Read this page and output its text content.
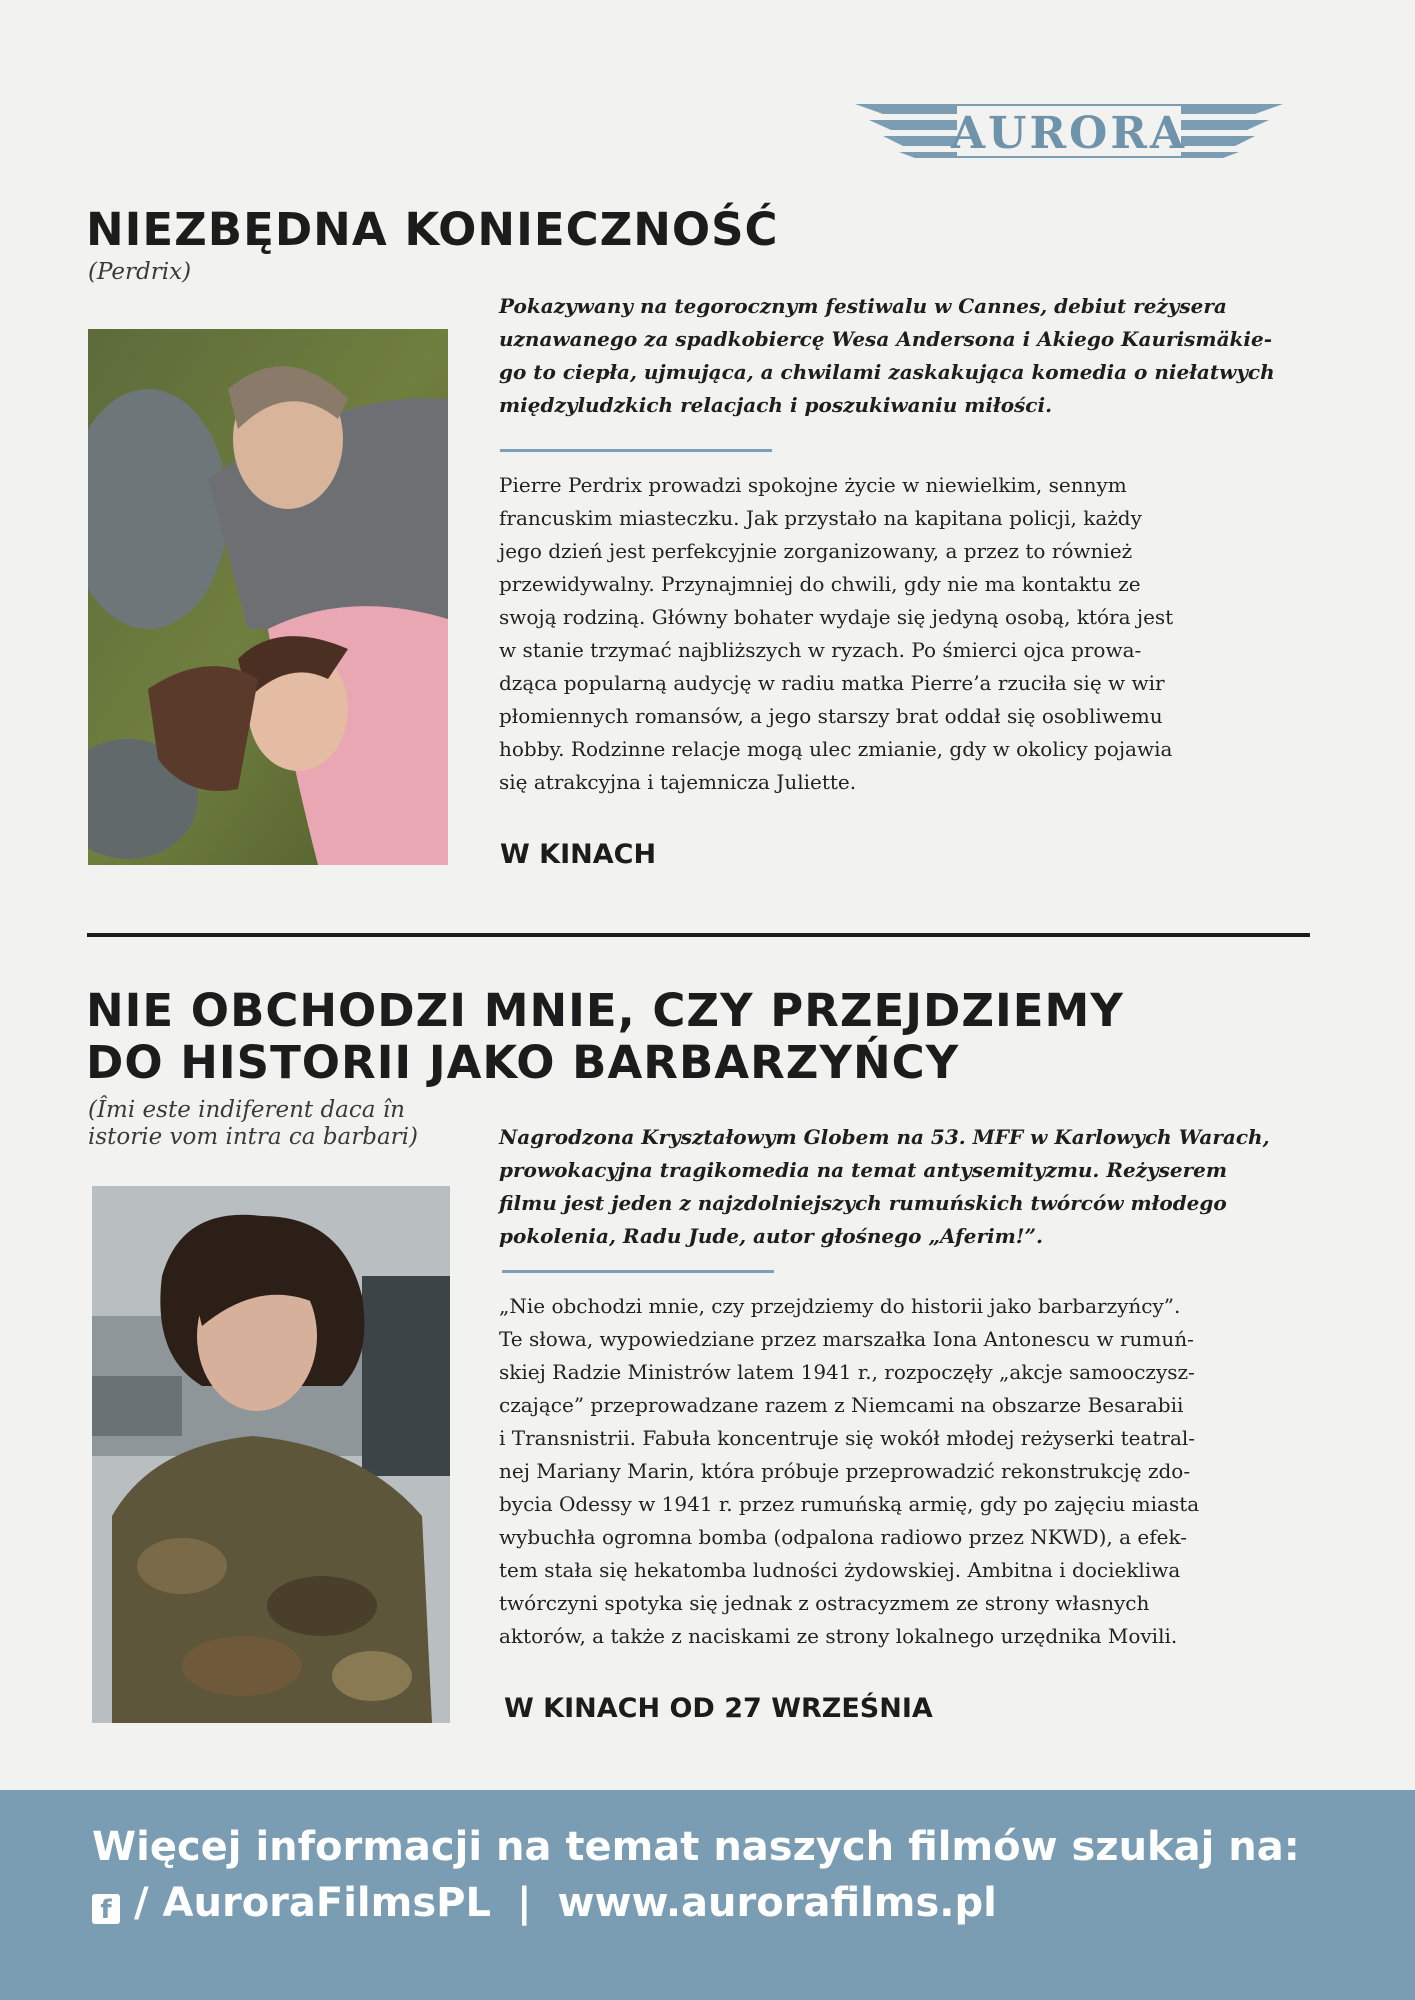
AURORA
NIEZBĘDNA KONIECZNOŚĆ

(Perdrix)

Pokazywany na tegorocznym festiwalu w Cannes, debiut reżysera

uznawanego za spadkobiercę Wesa Andersona i Akiego Kaurismäkie-

go to ciepła, ujmująca, a chwilami zaskakująca komedia o niełatwych

międzyludzkich relacjach i poszukiwaniu miłości.

Pierre Perdrix prowadzi spokojne życie w niewielkim, sennym

francuskim miasteczku. Jak przystało na kapitana policji, każdy

jego dzień jest perfekcyjnie zorganizowany, a przez to również

przewidywalny. Przynajmniej do chwili, gdy nie ma kontaktu ze

swoją rodziną. Główny bohater wydaje się jedyną osobą, która jest

w stanie trzymać najbliższych w ryzach. Po śmierci ojca prowa-

dząca popularną audycję w radiu matka Pierre’a rzuciła się w wir

płomiennych romansów, a jego starszy brat oddał się osobliwemu

hobby. Rodzinne relacje mogą ulec zmianie, gdy w okolicy pojawia

się atrakcyjna i tajemnicza Juliette.

W KINACH

NIE OBCHODZI MNIE, CZY PRZEJDZIEMY
DO HISTORII JAKO BARBARZYŃCY

(Îmi este indiferent daca în

istorie vom intra ca barbari)	Nagrodzona Kryształowym Globem na 53. MFF w Karlowych Warach,

prowokacyjna tragikomedia na temat antysemityzmu. Reżyserem

filmu jest jeden z najzdolniejszych rumuńskich twórców młodego

pokolenia, Radu Jude, autor głośnego „Aferim!”.

„Nie obchodzi mnie, czy przejdziemy do historii jako barbarzyńcy”.

Te słowa, wypowiedziane przez marszałka Iona Antonescu w rumuń-

skiej Radzie Ministrów latem 1941 r., rozpoczęły „akcje samooczysz-

czające” przeprowadzane razem z Niemcami na obszarze Besarabii

i Transnistrii. Fabuła koncentruje się wokół młodej reżyserki teatral-

nej Mariany Marin, która próbuje przeprowadzić rekonstrukcję zdo-

bycia Odessy w 1941 r. przez rumuńską armię, gdy po zajęciu miasta

wybuchła ogromna bomba (odpalona radiowo przez NKWD), a efek-

tem stała się hekatomba ludności żydowskiej. Ambitna i dociekliwa

twórczyni spotyka się jednak z ostracyzmem ze strony własnych

aktorów, a także z naciskami ze strony lokalnego urzędnika Movili.

W KINACH OD 27 WRZEŚNIA

Więcej informacji na temat naszych filmów szukaj na:

f / AuroraFilmsPL | www.aurorafilms.pl
